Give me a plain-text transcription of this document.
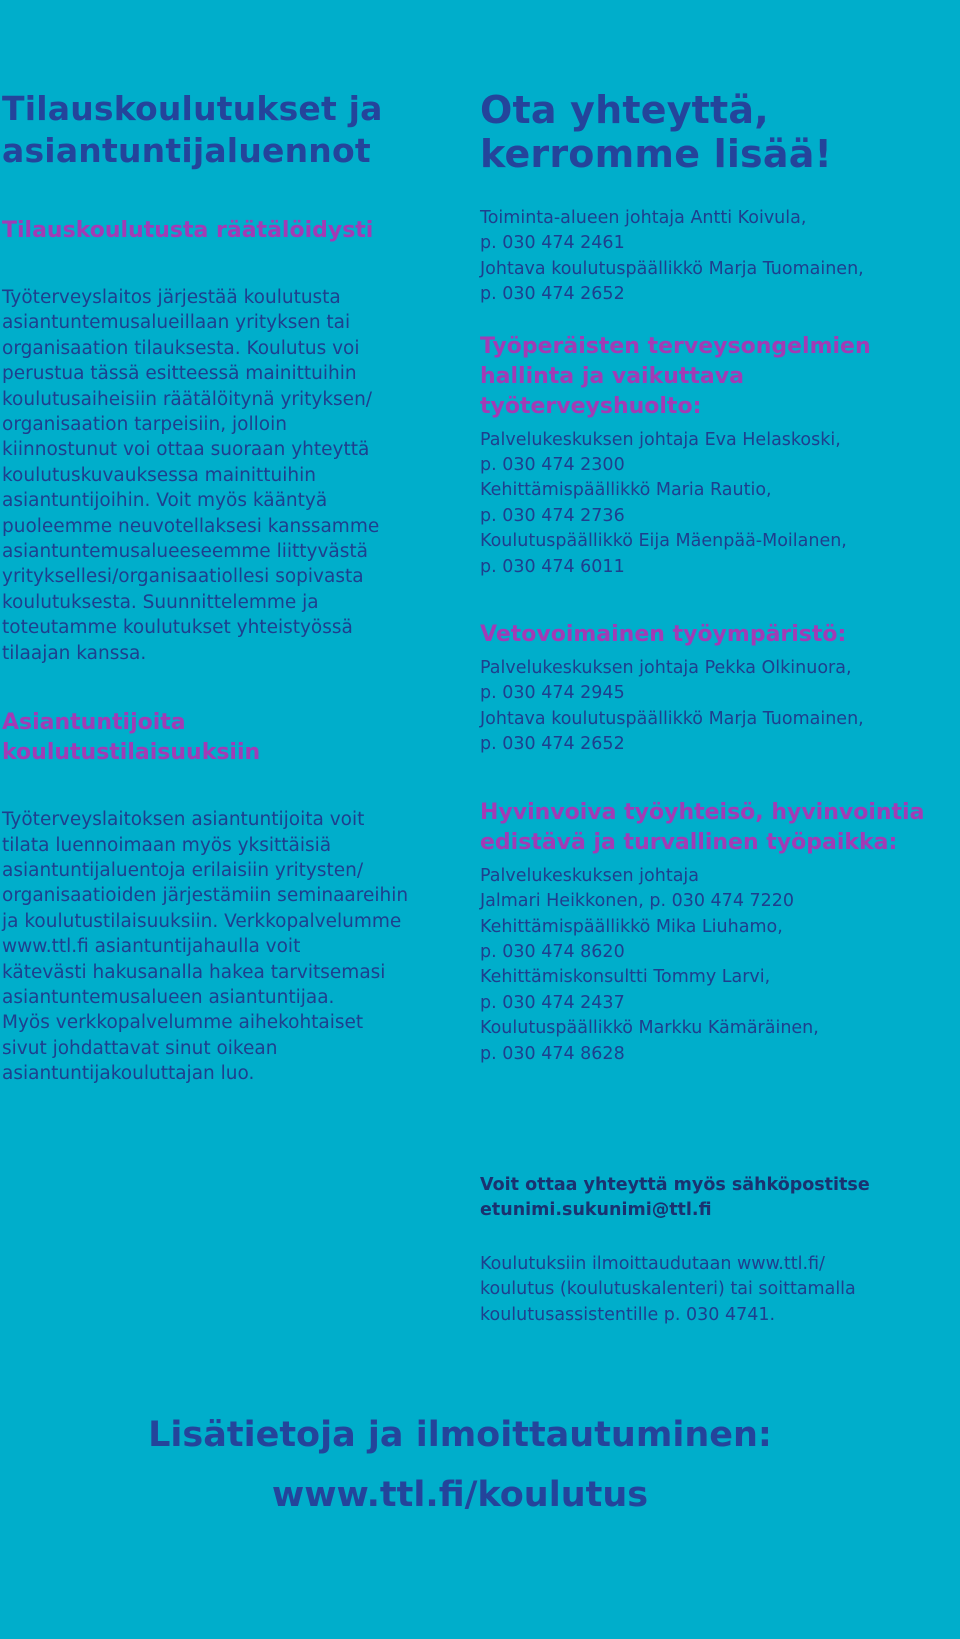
Tilauskoulutukset ja
asiantuntijaluennot
Tilauskoulutusta räätälöidysti

Työterveyslaitos järjestää koulutusta
asiantuntemusalueillaan yrityksen tai
organisaation tilauksesta. Koulutus voi
perustua tässä esitteessä mainittuihin
koulutusaiheisiin räätälöitynä yrityksen/
organisaation tarpeisiin, jolloin
kiinnostunut voi ottaa suoraan yhteyttä
koulutuskuvauksessa mainittuihin
asiantuntijoihin. Voit myös kääntyä
puoleemme neuvotellaksesi kanssamme
asiantuntemusalueeseemme liittyvästä
yrityksellesi/organisaatiollesi sopivasta
koulutuksesta. Suunnittelemme ja
toteutamme koulutukset yhteistyössä
tilaajan kanssa.

Asiantuntijoita
koulutustilaisuuksiin

Työterveyslaitoksen asiantuntijoita voit
tilata luennoimaan myös yksittäisiä
asiantuntijaluentoja erilaisiin yritysten/
organisaatioiden järjestämiin seminaareihin
ja koulutustilaisuuksiin. Verkkopalvelumme
www.ttl.fi asiantuntijahaulla voit
kätevästi hakusanalla hakea tarvitsemasi
asiantuntemusalueen asiantuntijaa.
Myös verkkopalvelumme aihekohtaiset
sivut johdattavat sinut oikean
asiantuntijakouluttajan luo.

Ota yhteyttä,
kerromme lisää!

Toiminta-alueen johtaja Antti Koivula,
p. 030 474 2461
Johtava koulutuspäällikkö Marja Tuomainen,
p. 030 474 2652

Työperäisten terveysongelmien
hallinta ja vaikuttava
työterveyshuolto:

Palvelukeskuksen johtaja Eva Helaskoski,
p. 030 474 2300
Kehittämispäällikkö Maria Rautio,
p. 030 474 2736
Koulutuspäällikkö Eija Mäenpää-Moilanen,
p. 030 474 6011

Vetovoimainen työympäristö:

Palvelukeskuksen johtaja Pekka Olkinuora,
p. 030 474 2945
Johtava koulutuspäällikkö Marja Tuomainen,
p. 030 474 2652

Hyvinvoiva työyhteisö, hyvinvointia
edistävä ja turvallinen työpaikka:

Palvelukeskuksen johtaja
Jalmari Heikkonen, p. 030 474 7220
Kehittämispäällikkö Mika Liuhamo,
p. 030 474 8620
Kehittämiskonsultti Tommy Larvi,
p. 030 474 2437
Koulutuspäällikkö Markku Kämäräinen,
p. 030 474 8628

Voit ottaa yhteyttä myös sähköpostitse
etunimi.sukunimi@ttl.fi

Koulutuksiin ilmoittaudutaan www.ttl.fi/
koulutus (koulutuskalenteri) tai soittamalla
koulutusassistentille p. 030 4741.

Lisätietoja ja ilmoittautuminen:
www.ttl.fi/koulutus
